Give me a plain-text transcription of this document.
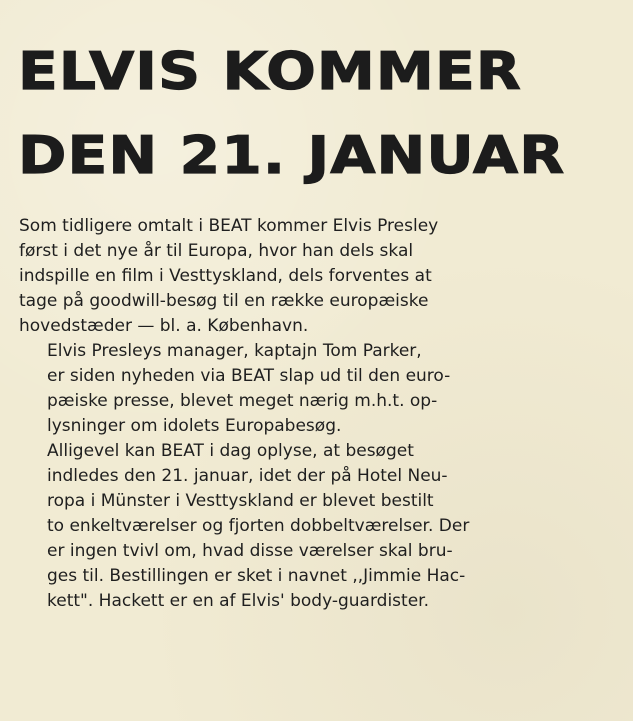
ELVIS KOMMER
DEN 21. JANUAR

Som tidligere omtalt i BEAT kommer Elvis Presley
først i det nye år til Europa, hvor han dels skal
indspille en film i Vesttyskland, dels forventes at
tage på goodwill-besøg til en række europæiske
hovedstæder — bl. a. København.

Elvis Presleys manager, kaptajn Tom Parker,
er siden nyheden via BEAT slap ud til den euro-
pæiske presse, blevet meget nærig m.h.t. op-
lysninger om idolets Europabesøg.

Alligevel kan BEAT i dag oplyse, at besøget
indledes den 21. januar, idet der på Hotel Neu-
ropa i Münster i Vesttyskland er blevet bestilt
to enkeltværelser og fjorten dobbeltværelser. Der
er ingen tvivl om, hvad disse værelser skal bru-
ges til. Bestillingen er sket i navnet ,,Jimmie Hac-
kett". Hackett er en af Elvis' body-guardister.
